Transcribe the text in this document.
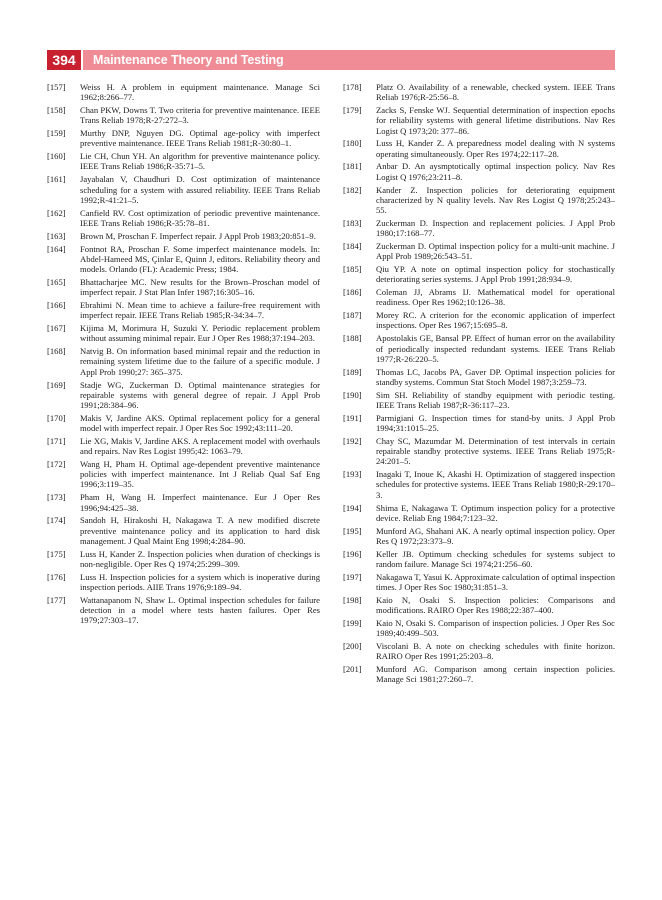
394	Maintenance Theory and Testing
[157]	Weiss H. A problem in equipment maintenance. Manage Sci 1962;8:266–77.
[158]	Chan PKW, Downs T. Two criteria for preventive maintenance. IEEE Trans Reliab 1978;R-27:272–3.
[159]	Murthy DNP, Nguyen DG. Optimal age-policy with imperfect preventive maintenance. IEEE Trans Reliab 1981;R-30:80–1.
[160]	Lie CH, Chun YH. An algorithm for preventive maintenance policy. IEEE Trans Reliab 1986;R-35:71–5.
[161]	Jayabalan V, Chaudhuri D. Cost optimization of maintenance scheduling for a system with assured reliability. IEEE Trans Reliab 1992;R-41:21–5.
[162]	Canfield RV. Cost optimization of periodic preventive maintenance. IEEE Trans Reliab 1986;R-35:78–81.
[163]	Brown M, Proschan F. Imperfect repair. J Appl Prob 1983;20:851–9.
[164]	Fontnot RA, Proschan F. Some imperfect maintenance models. In: Abdel-Hameed MS, Çinlar E, Quinn J, editors. Reliability theory and models. Orlando (FL): Academic Press; 1984.
[165]	Bhattacharjee MC. New results for the Brown–Proschan model of imperfect repair. J Stat Plan Infer 1987;16:305–16.
[166]	Ebrahimi N. Mean time to achieve a failure-free requirement with imperfect repair. IEEE Trans Reliab 1985;R-34:34–7.
[167]	Kijima M, Morimura H, Suzuki Y. Periodic replacement problem without assuming minimal repair. Eur J Oper Res 1988;37:194–203.
[168]	Natvig B. On information based minimal repair and the reduction in remaining system lifetime due to the failure of a specific module. J Appl Prob 1990;27: 365–375.
[169]	Stadje WG, Zuckerman D. Optimal maintenance strategies for repairable systems with general degree of repair. J Appl Prob 1991;28:384–96.
[170]	Makis V, Jardine AKS. Optimal replacement policy for a general model with imperfect repair. J Oper Res Soc 1992;43:111–20.
[171]	Lie XG, Makis V, Jardine AKS. A replacement model with overhauls and repairs. Nav Res Logist 1995;42: 1063–79.
[172]	Wang H, Pham H. Optimal age-dependent preventive maintenance policies with imperfect maintenance. Int J Reliab Qual Saf Eng 1996;3:119–35.
[173]	Pham H, Wang H. Imperfect maintenance. Eur J Oper Res 1996;94:425–38.
[174]	Sandoh H, Hirakoshi H, Nakagawa T. A new modified discrete preventive maintenance policy and its application to hard disk management. J Qual Maint Eng 1998;4:284–90.
[175]	Luss H, Kander Z. Inspection policies when duration of checkings is non-negligible. Oper Res Q 1974;25:299–309.
[176]	Luss H. Inspection policies for a system which is inoperative during inspection periods. AIIE Trans 1976;9:189–94.
[177]	Wattanapanom N, Shaw L. Optimal inspection schedules for failure detection in a model where tests hasten failures. Oper Res 1979;27:303–17.
[178]	Platz O. Availability of a renewable, checked system. IEEE Trans Reliab 1976;R-25:56–8.
[179]	Zacks S, Fenske WJ. Sequential determination of inspection epochs for reliability systems with general lifetime distributions. Nav Res Logist Q 1973;20: 377–86.
[180]	Luss H, Kander Z. A preparedness model dealing with N systems operating simultaneously. Oper Res 1974;22:117–28.
[181]	Anbar D. An aysmptotically optimal inspection policy. Nav Res Logist Q 1976;23:211–8.
[182]	Kander Z. Inspection policies for deteriorating equipment characterized by N quality levels. Nav Res Logist Q 1978;25:243–55.
[183]	Zuckerman D. Inspection and replacement policies. J Appl Prob 1980;17:168–77.
[184]	Zuckerman D. Optimal inspection policy for a multi-unit machine. J Appl Prob 1989;26:543–51.
[185]	Qiu YP. A note on optimal inspection policy for stochastically deteriorating series systems. J Appl Prob 1991;28:934–9.
[186]	Coleman JJ, Abrams IJ. Mathematical model for operational readiness. Oper Res 1962;10:126–38.
[187]	Morey RC. A criterion for the economic application of imperfect inspections. Oper Res 1967;15:695–8.
[188]	Apostolakis GE, Bansal PP. Effect of human error on the availability of periodically inspected redundant systems. IEEE Trans Reliab 1977;R-26:220–5.
[189]	Thomas LC, Jacobs PA, Gaver DP. Optimal inspection policies for standby systems. Commun Stat Stoch Model 1987;3:259–73.
[190]	Sim SH. Reliability of standby equipment with periodic testing. IEEE Trans Reliab 1987;R-36:117–23.
[191]	Parmigiani G. Inspection times for stand-by units. J Appl Prob 1994;31:1015–25.
[192]	Chay SC, Mazumdar M. Determination of test intervals in certain repairable standby protective systems. IEEE Trans Reliab 1975;R-24:201–5.
[193]	Inagaki T, Inoue K, Akashi H. Optimization of staggered inspection schedules for protective systems. IEEE Trans Reliab 1980;R-29:170–3.
[194]	Shima E, Nakagawa T. Optimum inspection policy for a protective device. Reliab Eng 1984;7:123–32.
[195]	Munford AG, Shahani AK. A nearly optimal inspection policy. Oper Res Q 1972;23:373–9.
[196]	Keller JB. Optimum checking schedules for systems subject to random failure. Manage Sci 1974;21:256–60.
[197]	Nakagawa T, Yasui K. Approximate calculation of optimal inspection times. J Oper Res Soc 1980;31:851–3.
[198]	Kaio N, Osaki S. Inspection policies: Comparisons and modifications. RAIRO Oper Res 1988;22:387–400.
[199]	Kaio N, Osaki S. Comparison of inspection policies. J Oper Res Soc 1989;40:499–503.
[200]	Viscolani B. A note on checking schedules with finite horizon. RAIRO Oper Res 1991;25:203–8.
[201]	Munford AG. Comparison among certain inspection policies. Manage Sci 1981;27:260–7.
